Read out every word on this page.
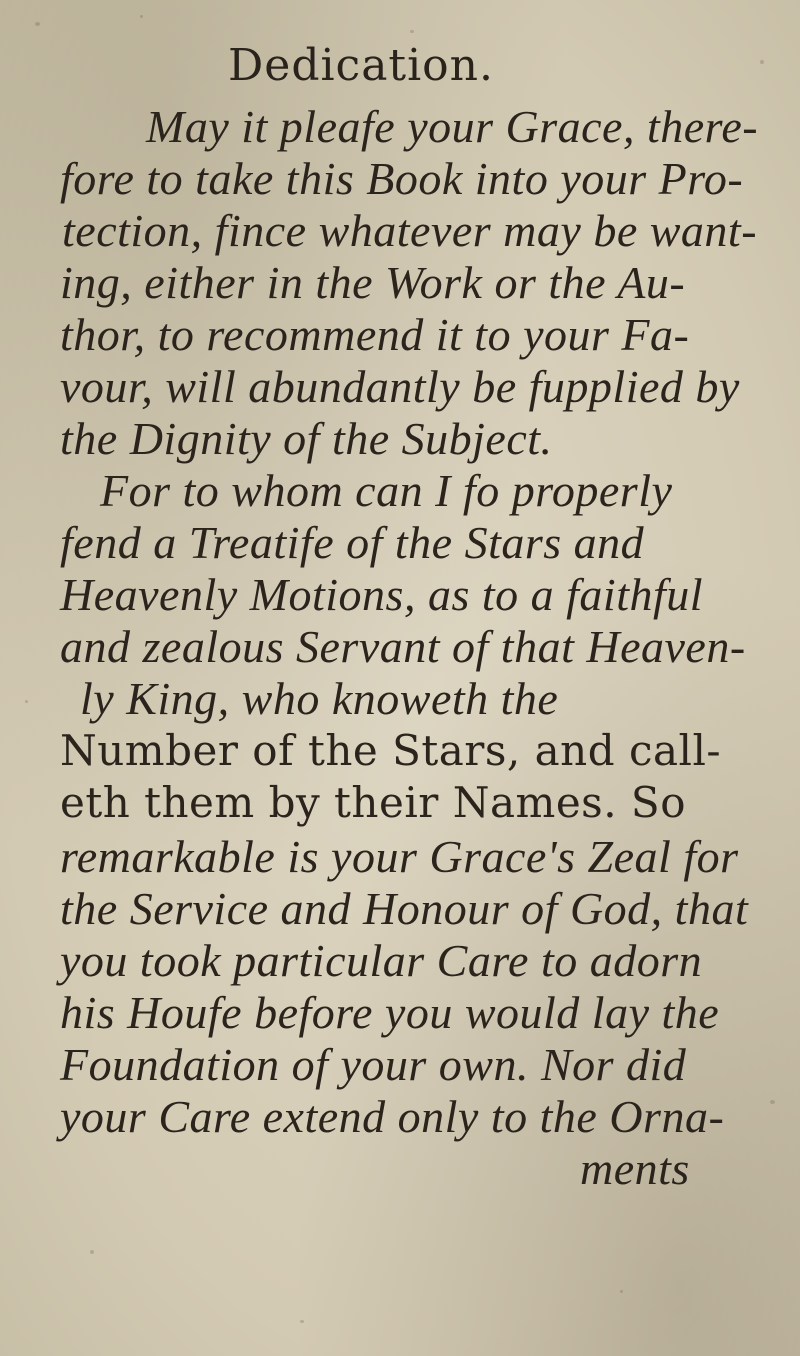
Dedication.
May it pleafe your Grace, there-
fore to take this Book into your Pro-
tection, fince whatever may be want-
ing, either in the Work or the Au-
thor, to recommend it to your Fa-
vour, will abundantly be fupplied by
the Dignity of the Subject.
For to whom can I fo properly
fend a Treatife of the Stars and
Heavenly Motions, as to a faithful
and zealous Servant of that Heaven-
ly King, who knoweth the
Number of the Stars, and call-
eth them by their Names. So
remarkable is your Grace's Zeal for
the Service and Honour of God, that
you took particular Care to adorn
his Houfe before you would lay the
Foundation of your own. Nor did
your Care extend only to the Orna-
ments
